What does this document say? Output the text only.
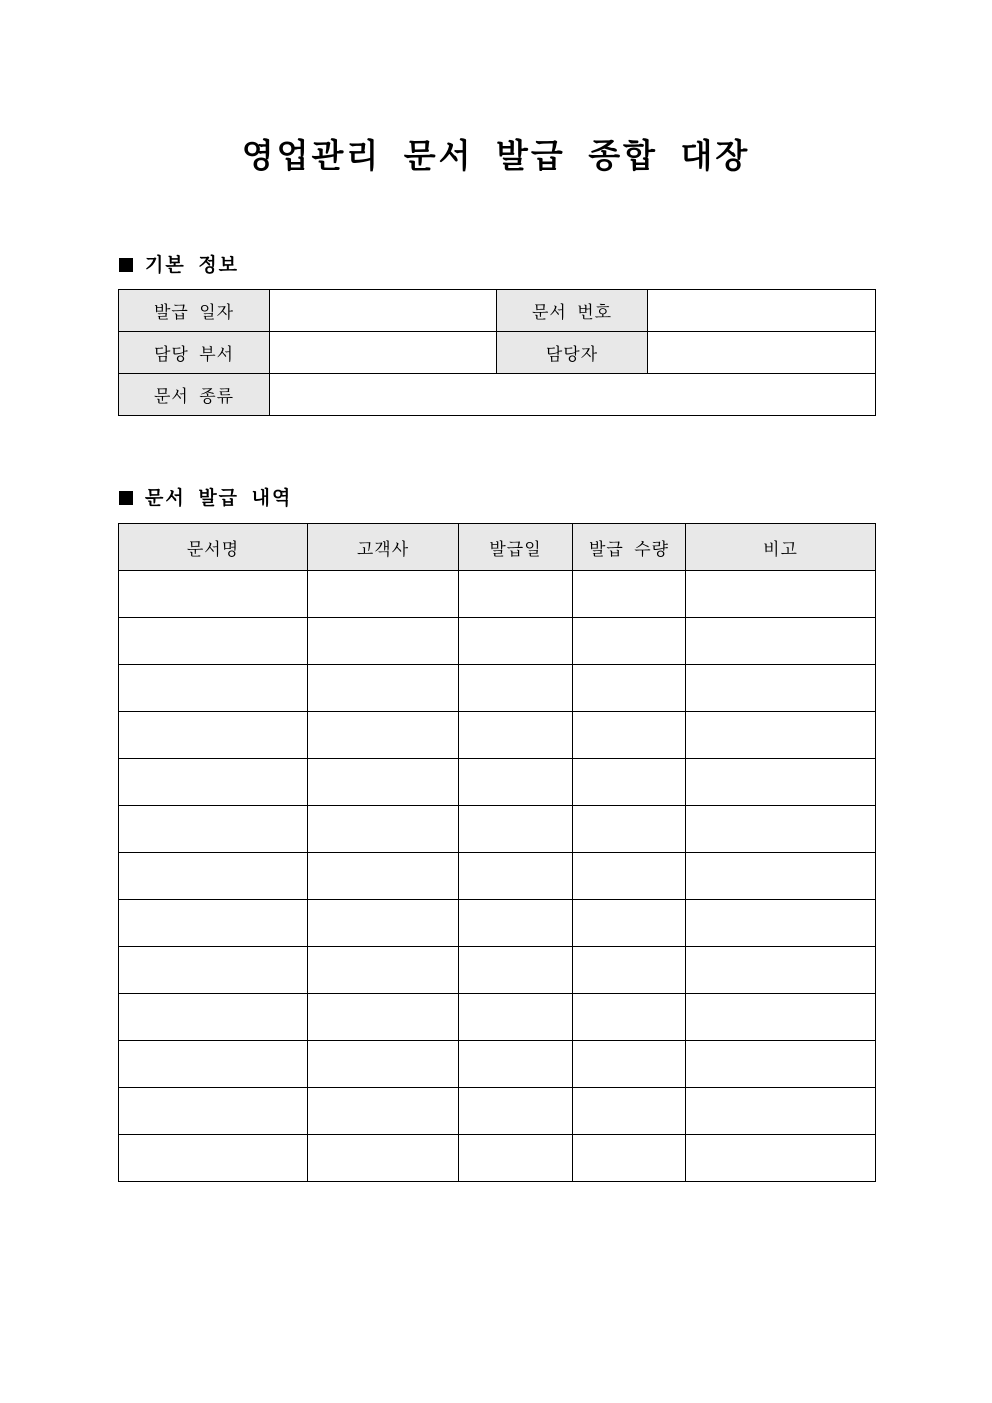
영업관리 문서 발급 종합 대장
기본 정보
발급 일자		문서 번호	
담당 부서		담당자	
문서 종류			
문서 발급 내역
문서명	고객사	발급일	발급 수량	비고
